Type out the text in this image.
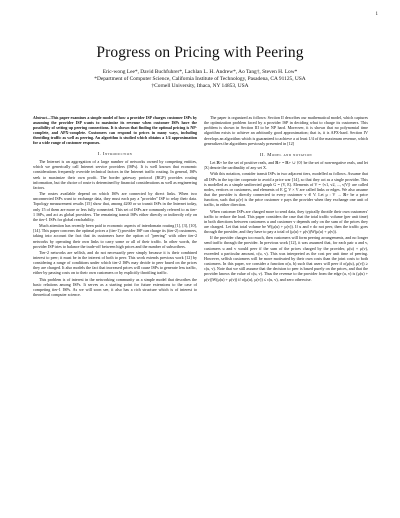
1
Progress on Pricing with Peering
Eric-wong Lee*, David Buchfuhrer*, Lachlan L. H. Andrew*, Ao Tang†, Steven H. Low*
*Department of Computer Science, California Institute of Technology, Pasadena, CA 91125, USA
†Cornell University, Ithaca, NY 14853, USA
Abstract—This paper examines a simple model of how a provider ISP charges customer ISPs by assuming the provider ISP wants to maximize its revenue when customer ISPs have the possibility of setting up peering connections. It is shown that finding the optimal pricing is NP-complete, and APX-complete. Customers can respond to prices in many ways, including throttling traffic as well as peering. An algorithm is studied which obtains a 1/4 approximation for a wide range of customer responses.
I. Introduction

The Internet is an aggregation of a large number of networks owned by competing entities, which we generically call Internet service providers (ISPs). It is well known that economic considerations frequently override technical factors in the Internet traffic routing. In general, ISPs seek to maximize their own profit. The border gateway protocol (BGP) provides routing information, but the choice of route is determined by financial considerations as well as engineering factors.

The routes available depend on which ISPs are connected by direct links. When two unconnected ISPs want to exchange data, they must each pay a "provider" ISP to relay their data. Topology measurement results [15] show that, among 4200 or so transit ISPs in the Internet today, only 15 of them are more or less fully connected. This set of ISPs are commonly referred to as tier-1 ISPs, and act as global providers. The remaining transit ISPs either directly or indirectly rely on the tier-1 ISPs for global reachability.

Much attention has recently been paid to economic aspects of interdomain routing [1], [3], [10], [14]. This paper concerns the optimal prices a (tier-1) provider ISP can charge its (tier-2) customers, taking into account the fact that its customers have the option of "peering" with other tier-2 networks by operating their own links to carry some or all of their traffic. In other words, the provider ISP tries to balance the trade-off between high prices and the number of subscribers.

Tier-2 networks are selfish, and do not necessarily peer simply because it is their combined interest to peer; it must be in the interest of both to peer. This work extends previous work [12] by considering a range of conditions under which tier-2 ISPs may decide to peer based on the prices they are charged. It also models the fact that increased prices will cause ISPs to generate less traffic, either by passing costs on to their own customers or by explicitly throttling traffic.

This problem is of interest in the networking community as a simple model that describes the basic relations among ISPs. It serves as a starting point for future extensions to the case of competing tier-1 ISPs. As we will soon see, it also has a rich structure which is of interest to theoretical computer science.

The paper is organized as follows: Section II describes our mathematical model, which captures the optimization problem faced by a provider ISP in deciding what to charge its customers. This problem is shown in Section III to be NP hard. Moreover, it is shown that no polynomial time algorithm exists to achieve an arbitrarily good approximation; that is, it is APX-hard. Section IV develops an algorithm which is guaranteed to achieve a at least 1/4 of the maximum revenue, which generalizes the algorithms previously presented in [12]

II. Model and notation

Let ℝ+ be the set of positive reals, and ℝ+ = ℝ+ ∪ {0} be the set of non-negative reals, and let |X| denote the cardinality of any set X.

With this notation, consider transit ISPs in two adjacent tiers, modelled as follows. Assume that all ISPs in the top tier cooperate to avoid a price war [14], so that they act as a single provider. This is modelled as a simple undirected graph G = (V, E). Elements of V = {v1, v2, ..., v|V|} are called nodes, vertices or customers, and elements of E ⊆ V × V are called links or edges. We also assume that the provider is directly connected to every customer v ∈ V. Let μ : V → ℝ+ be a price function, such that μ(v) is the price customer v pays the provider when they exchange one unit of traffic, in either direction.

When customer ISPs are charged more to send data, they typically throttle their own customers' traffic to reduce the load. This paper considers the case that the total traffic volume (per unit time) in both directions between customers u and customer v depends only on the sum of the prices they are charged. Let that total volume be W(μ(u) + μ(v)). If u and v do not peer, then the traffic goes through the provider, and they have to pay a total of (μ(u) + μ(v))W(μ(u) + μ(v)).

If the provider charges too much, then customers will form peering arrangements, and no longer send traffic through the provider. In previous work [12], it was assumed that, for each pair u and v, customers u and v would peer if the sum of the prices charged by the provider, μ(u) + μ(v), exceeded a particular amount, c(u, v). This was interpreted as the cost per unit time of peering. However, selfish customers will be more motivated by their own costs than the joint costs to both customers. In this paper, we consider a function σ(a, b) such that users will peer if σ(μ(u), μ(v)) ≥ c(u, v). Note that we still assume that the decision to peer is based purely on the prices, and that the provider knows the value of c(u, v). Thus the revenue to the provider from the edge (u, v) is (μ(u) + μ(v))W(μ(u) + μ(v)) if σ(μ(u), μ(v)) ≤ c(u, v), and zero otherwise.
